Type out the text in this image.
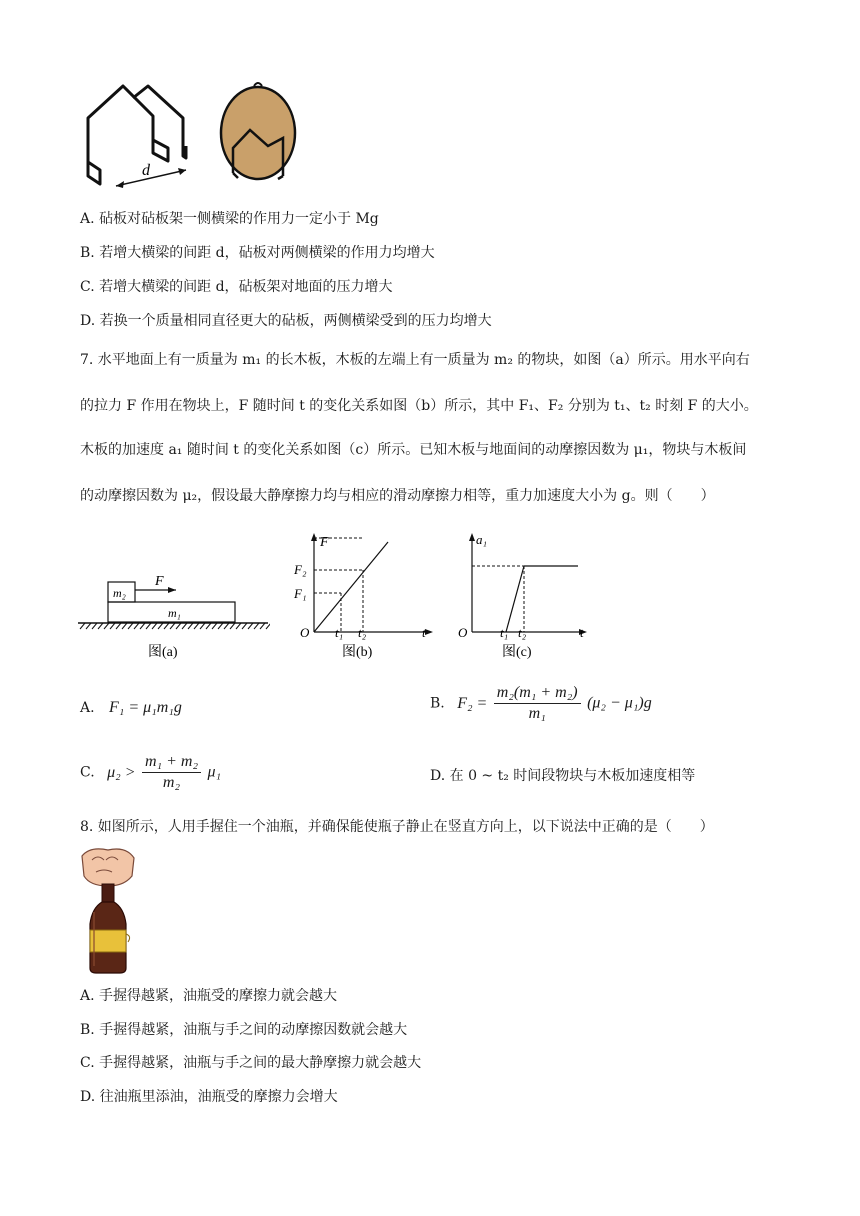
d
A. 砧板对砧板架一侧横梁的作用力一定小于 Mg
B. 若增大横梁的间距 d，砧板对两侧横梁的作用力均增大
C. 若增大横梁的间距 d，砧板架对地面的压力增大
D. 若换一个质量相同直径更大的砧板，两侧横梁受到的压力均增大
7. 水平地面上有一质量为 m₁ 的长木板，木板的左端上有一质量为 m₂ 的物块，如图（a）所示。用水平向右
的拉力 F 作用在物块上，F 随时间 t 的变化关系如图（b）所示，其中 F₁、F₂ 分别为 t₁、t₂ 时刻 F 的大小。
木板的加速度 a₁ 随时间 t 的变化关系如图（c）所示。已知木板与地面间的动摩擦因数为 μ₁，物块与木板间
的动摩擦因数为 μ₂，假设最大静摩擦力均与相应的滑动摩擦力相等，重力加速度大小为 g。则（　　）
F
m₂
m₁
图(a)
F
F₂
F₁
O t₁ t₂	t
图(b)
a₁
O	t₁ t₂	t
图(c)
A. F₁ = μ₁m₁g	B. $F_2 = \frac{\text{m₂(m₁ + m₂)}}{\text{m₁}} (\mu_2 - \mu_1)g$
C. $\mu_2 > \frac{\text{m₁ + m₂}}{\text{m₂}} \mu_1$	D. 在 0 ~ t₂ 时间段物块与木板加速度相等
8. 如图所示，人用手握住一个油瓶，并确保能使瓶子静止在竖直方向上，以下说法中正确的是（　　）
A. 手握得越紧，油瓶受的摩擦力就会越大
B. 手握得越紧，油瓶与手之间的动摩擦因数就会越大
C. 手握得越紧，油瓶与手之间的最大静摩擦力就会越大
D. 往油瓶里添油，油瓶受的摩擦力会增大
